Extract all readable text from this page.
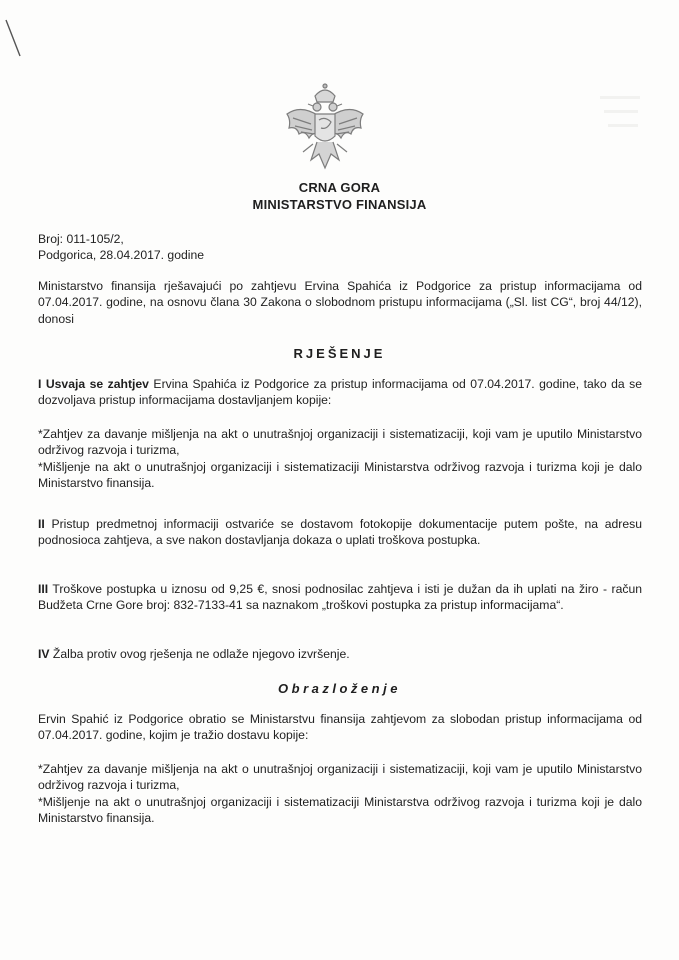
CRNA GORA
MINISTARSTVO FINANSIJA
Broj: 011-105/2,
Podgorica, 28.04.2017. godine

Ministarstvo finansija rješavajući po zahtjevu Ervina Spahića iz Podgorice za pristup informacijama od 07.04.2017. godine, na osnovu člana 30 Zakona o slobodnom pristupu informacijama („Sl. list CG“, broj 44/12), donosi

RJEŠENJE

I Usvaja se zahtjev Ervina Spahića iz Podgorice za pristup informacijama od 07.04.2017. godine, tako da se dozvoljava pristup informacijama dostavljanjem kopije:

*Zahtjev za davanje mišljenja na akt o unutrašnjoj organizaciji i sistematizaciji, koji vam je uputilo Ministarstvo održivog razvoja i turizma,

*Mišljenje na akt o unutrašnjoj organizaciji i sistematizaciji Ministarstva održivog razvoja i turizma koji je dalo Ministarstvo finansija.

II Pristup predmetnoj informaciji ostvariće se dostavom fotokopije dokumentacije putem pošte, na adresu podnosioca zahtjeva, a sve nakon dostavljanja dokaza o uplati troškova postupka.

III Troškove postupka u iznosu od 9,25 €, snosi podnosilac zahtjeva i isti je dužan da ih uplati na žiro - račun Budžeta Crne Gore broj: 832-7133-41 sa naznakom „troškovi postupka za pristup informacijama“.

IV Žalba protiv ovog rješenja ne odlaže njegovo izvršenje.

Obrazloženje

Ervin Spahić iz Podgorice obratio se Ministarstvu finansija zahtjevom za slobodan pristup informacijama od 07.04.2017. godine, kojim je tražio dostavu kopije:

*Zahtjev za davanje mišljenja na akt o unutrašnjoj organizaciji i sistematizaciji, koji vam je uputilo Ministarstvo održivog razvoja i turizma,

*Mišljenje na akt o unutrašnjoj organizaciji i sistematizaciji Ministarstva održivog razvoja i turizma koji je dalo Ministarstvo finansija.
